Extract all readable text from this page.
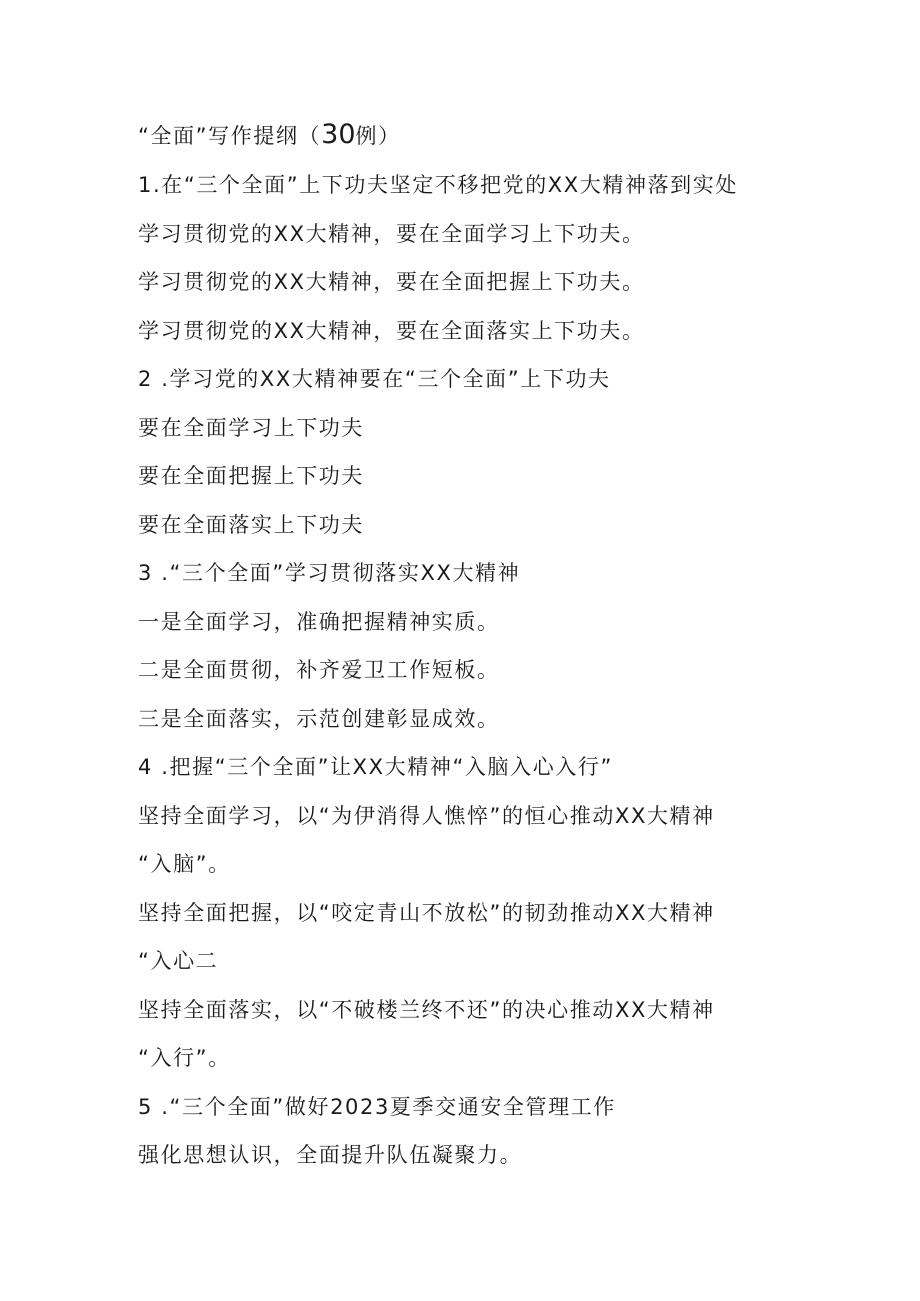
“全面”写作提纲（30例）
1.在“三个全面”上下功夫坚定不移把党的XX大精神落到实处
学习贯彻党的XX大精神，要在全面学习上下功夫。
学习贯彻党的XX大精神，要在全面把握上下功夫。
学习贯彻党的XX大精神，要在全面落实上下功夫。
2 .学习党的XX大精神要在“三个全面”上下功夫
要在全面学习上下功夫
要在全面把握上下功夫
要在全面落实上下功夫
3 .“三个全面”学习贯彻落实XX大精神
一是全面学习，准确把握精神实质。
二是全面贯彻，补齐爱卫工作短板。
三是全面落实，示范创建彰显成效。
4 .把握“三个全面”让XX大精神“入脑入心入行”
坚持全面学习，以“为伊消得人憔悴”的恒心推动XX大精神
“入脑”。
坚持全面把握，以“咬定青山不放松”的韧劲推动XX大精神
“入心二
坚持全面落实，以“不破楼兰终不还”的决心推动XX大精神
“入行”。
5 .“三个全面”做好2023夏季交通安全管理工作
强化思想认识，全面提升队伍凝聚力。
